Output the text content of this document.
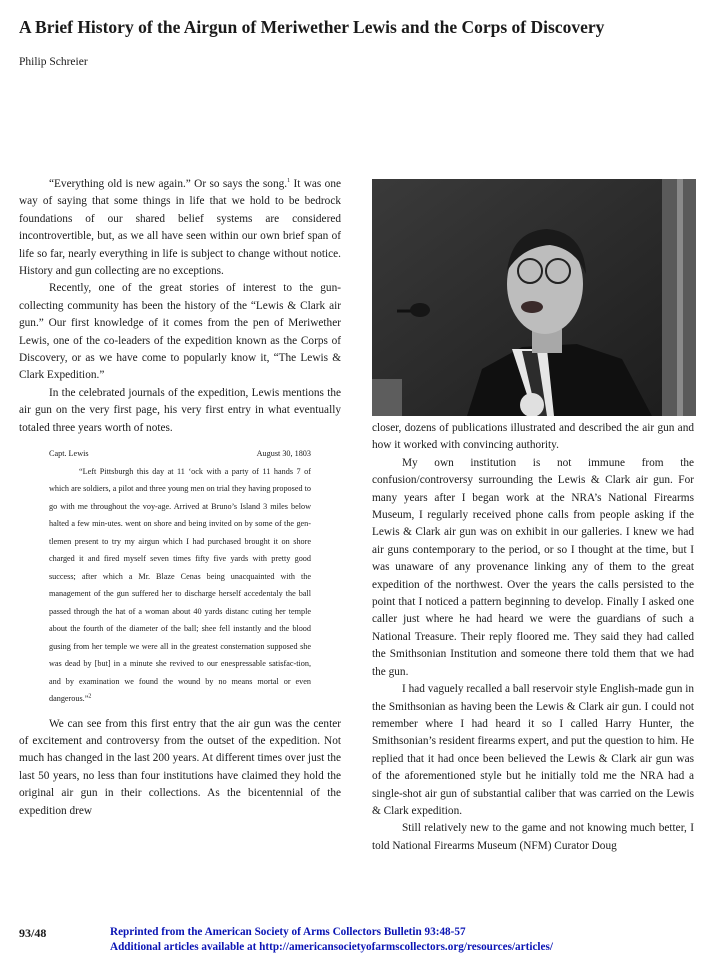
A Brief History of the Airgun of Meriwether Lewis and the Corps of Discovery
Philip Schreier

“Everything old is new again.” Or so says the song.$^1$ It was one way of saying that some things in life that we hold to be bedrock foundations of our shared belief systems are considered incontrovertible, but, as we all have seen within our own brief span of life so far, nearly everything in life is subject to change without notice. History and gun collecting are no exceptions.

Recently, one of the great stories of interest to the gun-collecting community has been the history of the “Lewis & Clark air gun.” Our first knowledge of it comes from the pen of Meriwether Lewis, one of the co-leaders of the expedition known as the Corps of Discovery, or as we have come to popularly know it, “The Lewis & Clark Expedition.”

In the celebrated journals of the expedition, Lewis mentions the air gun on the very first page, his very first entry in what eventually totaled three years worth of notes.

Capt. Lewis	August 30, 1803

“Left Pittsburgh this day at 11 ‘ock with a party of 11 hands 7 of which are soldiers, a pilot and three young men on trial they having proposed to go with me throughout the voy-age. Arrived at Bruno’s Island 3 miles below halted a few min-utes. went on shore and being invited on by some of the gen-tlemen present to try my airgun which I had purchased brought it on shore charged it and fired myself seven times fifty five yards with pretty good success; after which a Mr. Blaze Cenas being unacquainted with the management of the gun suffered her to discharge herself accedentaly the ball passed through the hat of a woman about 40 yards distanc cuting her temple about the fourth of the diameter of the ball; shee fell instantly and the blood gusing from her temple we were all in the greatest consternation supposed she was dead by [but] in a minute she revived to our enespressable satisfac-tion, and by examination we found the wound by no means mortal or even dangerous.”$^2$

We can see from this first entry that the air gun was the center of excitement and controversy from the outset of the expedition. Not much has changed in the last 200 years. At different times over just the last 50 years, no less than four institutions have claimed they hold the original air gun in their collections. As the bicentennial of the expedition drew

closer, dozens of publications illustrated and described the air gun and how it worked with convincing authority.

My own institution is not immune from the confusion/controversy surrounding the Lewis & Clark air gun. For many years after I began work at the NRA’s National Firearms Museum, I regularly received phone calls from people asking if the Lewis & Clark air gun was on exhibit in our galleries. I knew we had air guns contemporary to the period, or so I thought at the time, but I was unaware of any provenance linking any of them to the great expedition of the northwest. Over the years the calls persisted to the point that I noticed a pattern beginning to develop. Finally I asked one caller just where he had heard we were the guardians of such a National Treasure. Their reply floored me. They said they had called the Smithsonian Institution and someone there told them that we had the gun.

I had vaguely recalled a ball reservoir style English-made gun in the Smithsonian as having been the Lewis & Clark air gun. I could not remember where I had heard it so I called Harry Hunter, the Smithsonian’s resident firearms expert, and put the question to him. He replied that it had once been believed the Lewis & Clark air gun was of the aforementioned style but he initially told me the NRA had a single-shot air gun of substantial caliber that was carried on the Lewis & Clark expedition.

Still relatively new to the game and not knowing much better, I told National Firearms Museum (NFM) Curator Doug

93/48	Reprinted from the American Society of Arms Collectors Bulletin 93:48-57
Additional articles available at http://americansocietyofarmscollectors.org/resources/articles/
